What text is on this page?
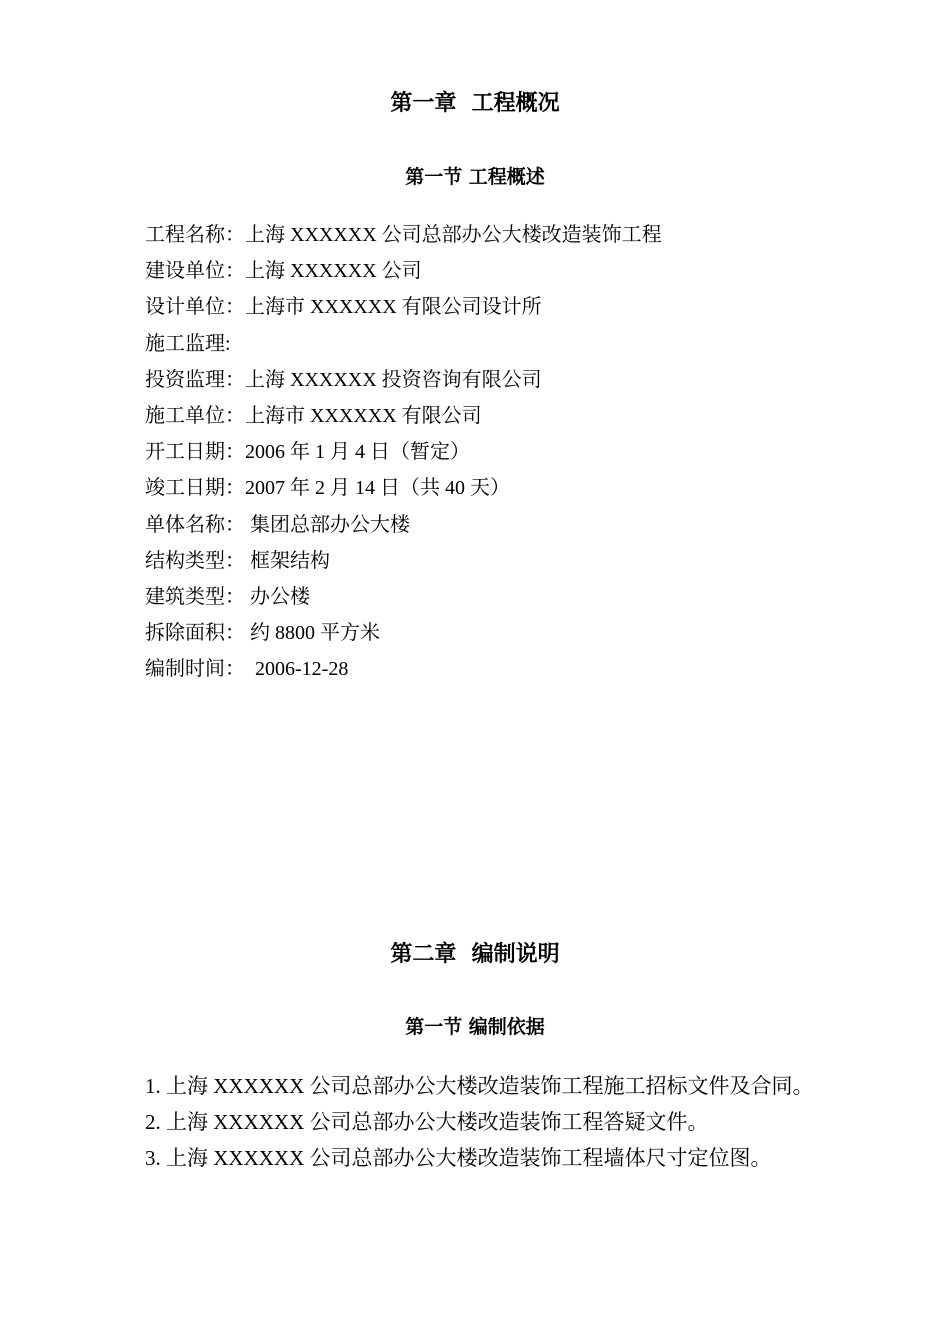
第一章  工程概况
第一节 工程概述
工程名称：上海 XXXXXX 公司总部办公大楼改造装饰工程
建设单位：上海 XXXXXX 公司
设计单位：上海市 XXXXXX 有限公司设计所
施工监理:
投资监理：上海 XXXXXX 投资咨询有限公司
施工单位：上海市 XXXXXX 有限公司
开工日期：2006 年 1 月 4 日（暂定）
竣工日期：2007 年 2 月 14 日（共 40 天）
单体名称： 集团总部办公大楼
结构类型： 框架结构
建筑类型： 办公楼
拆除面积： 约 8800 平方米
编制时间：  2006-12-28
第二章  编制说明
第一节 编制依据
1. 上海 XXXXXX 公司总部办公大楼改造装饰工程施工招标文件及合同。
2. 上海 XXXXXX 公司总部办公大楼改造装饰工程答疑文件。
3. 上海 XXXXXX 公司总部办公大楼改造装饰工程墙体尺寸定位图。
